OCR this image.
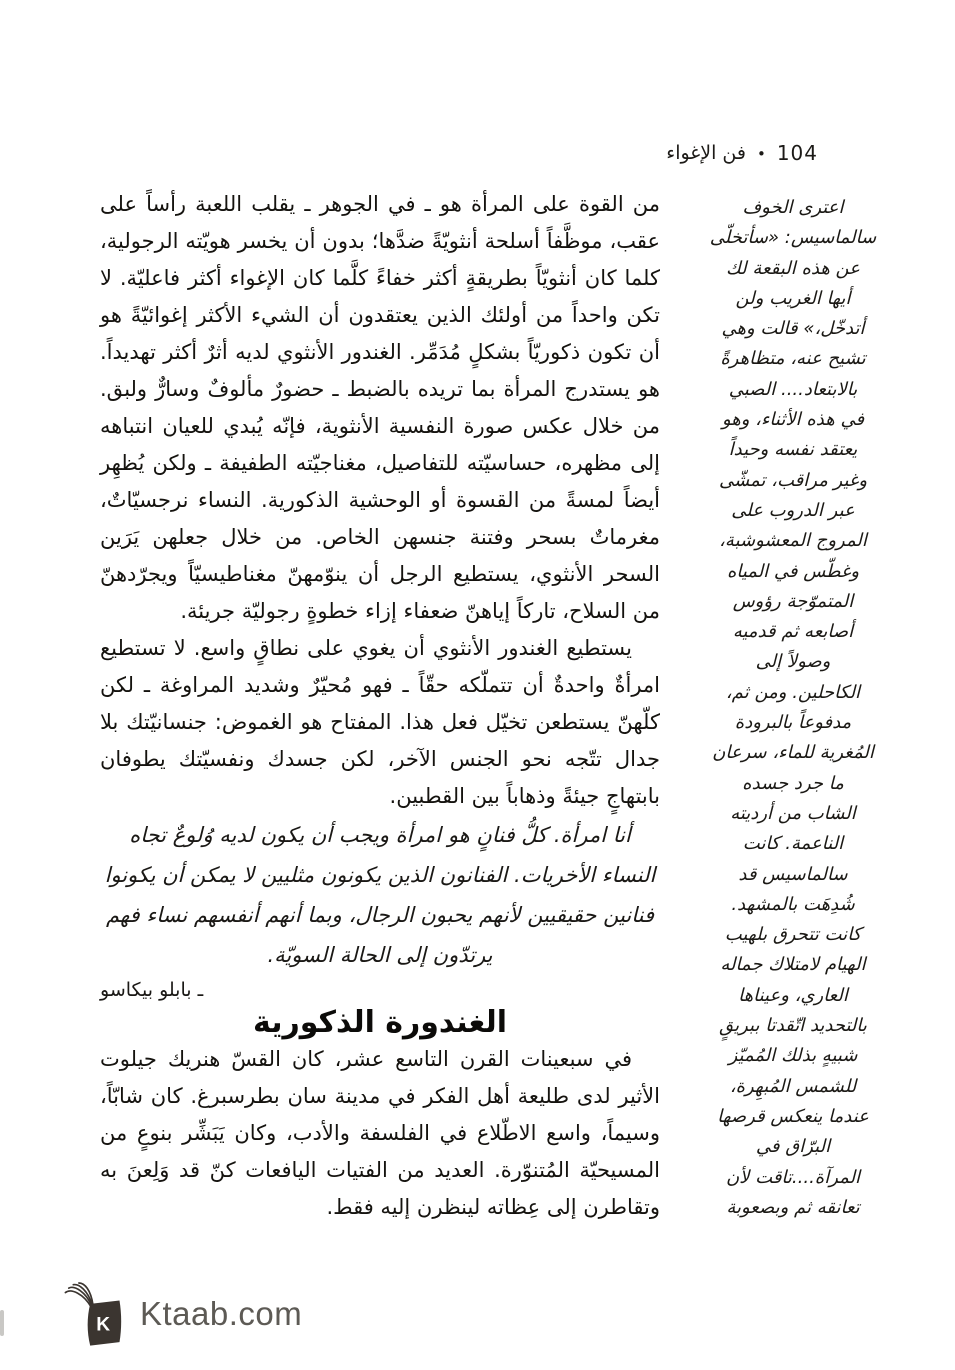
فن الإغواء • 104

من القوة على المرأة هو ـ في الجوهر ـ يقلب اللعبة رأساً على عقب، موظَّفاً أسلحة أنثويّةً ضدَّها؛ بدون أن يخسر هويّته الرجولية، كلما كان أنثويّاً بطريقةٍ أكثر خفاءً كلَّما كان الإغواء أكثر فاعليّة. لا تكن واحداً من أولئك الذين يعتقدون أن الشيء الأكثر إغوائيّةً هو أن تكون ذكوريّاً بشكلٍ مُدَمِّر. الغندور الأنثوي لديه أثرٌ أكثر تهديداً. هو يستدرج المرأة بما تريده بالضبط ـ حضورٌ مألوفٌ وسارٌّ ولبق. من خلال عكس صورة النفسية الأنثوية، فإنّه يُبدي للعيان انتباهه إلى مظهره، حساسيّته للتفاصيل، مغناجيّته الطفيفة ـ ولكن يُظهِر أيضاً لمسةً من القسوة أو الوحشية الذكورية. النساء نرجسيّاتٌ، مغرماتٌ بسحر وفتنة جنسهن الخاص. من خلال جعلهن يَرَين السحر الأنثوي، يستطيع الرجل أن ينوّمهنّ مغناطيسيّاً ويجرّدهنّ من السلاح، تاركاً إياهنّ ضعفاء إزاء خطوةٍ رجوليّة جريئة.

يستطيع الغندور الأنثوي أن يغوي على نطاقٍ واسع. لا تستطيع امرأةٌ واحدةٌ أن تتملّكه حقّاً ـ فهو مُحيّرٌ وشديد المراوغة ـ لكن كلّهنّ يستطعن تخيّل فعل هذا. المفتاح هو الغموض: جنسانيّتك بلا جدال تتّجه نحو الجنس الآخر، لكن جسدك ونفسيّتك يطوفان بابتهاجٍ جيئةً وذهاباً بين القطبين.

أنا امرأة. كلُّ فنانٍ هو امرأة ويجب أن يكون لديه وُلوعٌ تجاه النساء الأخريات. الفنانون الذين يكونون مثليين لا يمكن أن يكونوا فنانين حقيقيين لأنهم يحبون الرجال، وبما أنهم أنفسهم نساء فهم يرتدّون إلى الحالة السويّة.

ـ بابلو بيكاسو

الغندورة الذكورية

في سبعينات القرن التاسع عشر، كان القسّ هنريك جيلوت الأثير لدى طليعة أهل الفكر في مدينة سان بطرسبرغ. كان شابّاً، وسيماً، واسع الاطّلاع في الفلسفة والأدب، وكان يَبَشِّر بنوعٍ من المسيحيّة المُتنوّرة. العديد من الفتيات اليافعات كنّ قد وَلِعنَ به وتقاطرن إلى عِظاته لينظرن إليه فقط.

اعترى الخوف
سالماسيس: «سأتخلّى
عن هذه البقعة لك
أيها الغريب ولن
أتدخّل،» قالت وهي
تشيح عنه، متظاهرةً
بالابتعاد.... الصبي
في هذه الأثناء، وهو
يعتقد نفسه وحيداً
وغير مراقب، تمشّى
عبر الدروب على
المروج المعشوشبة،
وغطّس في المياه
المتموّجة رؤوس
أصابعه ثم قدميه
وصولاً إلى
الكاحلين. ومن ثم،
مدفوعاً بالبرودة
المُغرية للماء، سرعان
ما جرد جسده
الشاب من أرديته
الناعمة. كانت
سالماسيس قد
شُدِهَت بالمشهد.
كانت تتحرق بلهيب
الهيام لامتلاك جماله
العاري، وعيناها
بالتحديد اتّقدتا ببريقٍ
شبيهٍ بذلك المُميّز
للشمس المُبهِرة،
عندما ينعكس قرصها
البرّاق في
المرآة....تاقت لأن
تعانقه ثم وبصعوبة
K Ktaab.com
